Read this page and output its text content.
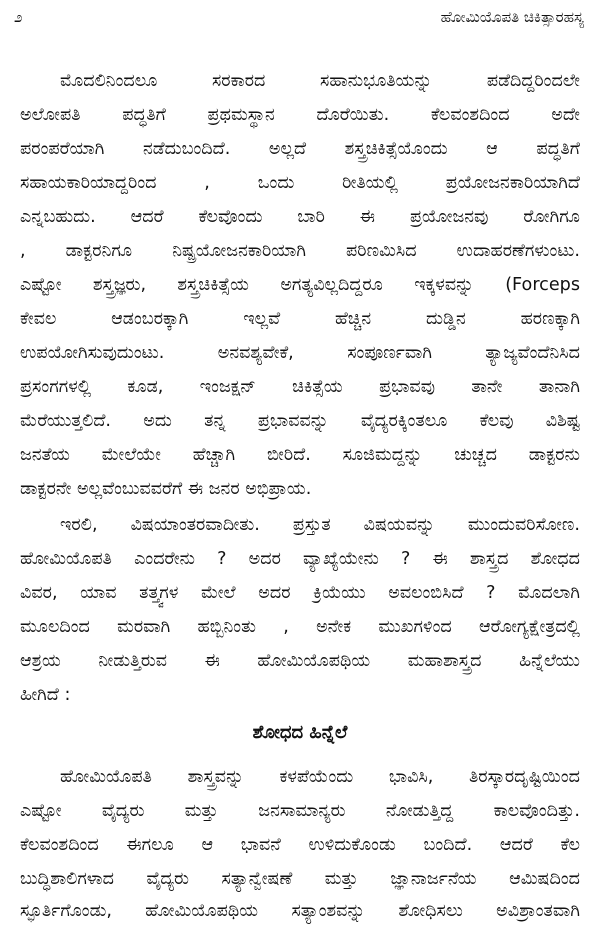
೨	ಹೋಮಿಯೊಪತಿ ಚಿಕಿತ್ಸಾರಹಸ್ಯ
ಮೊದಲಿನಿಂದಲೂ ಸರಕಾರದ ಸಹಾನುಭೂತಿಯನ್ನು ಪಡೆದಿದ್ದರಿಂದಲೇ
ಅಲೋಪತಿ ಪದ್ಧತಿಗೆ ಪ್ರಥಮಸ್ಥಾನ ದೊರೆಯಿತು. ಕೆಲವಂಶದಿಂದ ಅದೇ
ಪರಂಪರೆಯಾಗಿ ನಡೆದುಬಂದಿದೆ. ಅಲ್ಲದೆ ಶಸ್ತ್ರಚಿಕಿತ್ಸೆಯೊಂದು ಆ ಪದ್ಧತಿಗೆ
ಸಹಾಯಕಾರಿಯಾದ್ದರಿಂದ , ಒಂದು ರೀತಿಯಲ್ಲಿ ಪ್ರಯೋಜನಕಾರಿಯಾಗಿದೆ
ಎನ್ನಬಹುದು. ಆದರೆ ಕೆಲವೊಂದು ಬಾರಿ ಈ ಪ್ರಯೋಜನವು ರೋಗಿಗೂ
, ಡಾಕ್ಟರನಿಗೂ ನಿಷ್ಪ್ರಯೋಜನಕಾರಿಯಾಗಿ ಪರಿಣಮಿಸಿದ ಉದಾಹರಣೆಗಳುಂಟು.
ಎಷ್ಟೋ ಶಸ್ತ್ರಜ್ಞರು, ಶಸ್ತ್ರಚಿಕಿತ್ಸೆಯ ಅಗತ್ಯವಿಲ್ಲದಿದ್ದರೂ ಇಕ್ಕಳವನ್ನು (Forceps
ಕೇವಲ ಆಡಂಬರಕ್ಕಾಗಿ ಇಲ್ಲವೆ ಹೆಚ್ಚಿನ ದುಡ್ಡಿನ ಹರಣಕ್ಕಾಗಿ
ಉಪಯೋಗಿಸುವುದುಂಟು. ಅನವಶ್ಯವೇಕೆ, ಸಂಪೂರ್ಣವಾಗಿ ತ್ಯಾಜ್ಯವೆಂದೆನಿಸಿದ
ಪ್ರಸಂಗಗಳಲ್ಲಿ ಕೂಡ, ಇಂಜಕ್ಷನ್ ಚಿಕಿತ್ಸೆಯ ಪ್ರಭಾವವು ತಾನೇ ತಾನಾಗಿ
ಮೆರೆಯುತ್ತಲಿದೆ. ಅದು ತನ್ನ ಪ್ರಭಾವವನ್ನು ವೈದ್ಯರಕ್ಕಿಂತಲೂ ಕೆಲವು ವಿಶಿಷ್ಟ
ಜನತೆಯ ಮೇಲೆಯೇ ಹೆಚ್ಚಾಗಿ ಬೀರಿದೆ. ಸೂಜಿಮದ್ದನ್ನು ಚುಚ್ಚದ ಡಾಕ್ಟರನು
ಡಾಕ್ಟರನೇ ಅಲ್ಲವೆಂಬುವವರೆಗೆ ಈ ಜನರ ಅಭಿಪ್ರಾಯ.
ಇರಲಿ, ವಿಷಯಾಂತರವಾದೀತು. ಪ್ರಸ್ತುತ ವಿಷಯವನ್ನು ಮುಂದುವರಿಸೋಣ.
ಹೋಮಿಯೊಪತಿ ಎಂದರೇನು ? ಅದರ ವ್ಯಾಖ್ಯೆಯೇನು ? ಈ ಶಾಸ್ತ್ರದ ಶೋಧದ
ವಿವರ, ಯಾವ ತತ್ತ್ವಗಳ ಮೇಲೆ ಅದರ ಕ್ರಿಯೆಯು ಅವಲಂಬಿಸಿದೆ ? ಮೊದಲಾಗಿ
ಮೂಲದಿಂದ ಮರವಾಗಿ ಹಬ್ಬಿನಿಂತು , ಅನೇಕ ಮುಖಗಳಿಂದ ಆರೋಗ್ಯಕ್ಷೇತ್ರದಲ್ಲಿ
ಆಶ್ರಯ ನೀಡುತ್ತಿರುವ ಈ ಹೋಮಿಯೊಪಥಿಯ ಮಹಾಶಾಸ್ತ್ರದ ಹಿನ್ನೆಲೆಯು
ಹೀಗಿದೆ :
ಶೋಧದ ಹಿನ್ನೆಲೆ
ಹೋಮಿಯೊಪತಿ ಶಾಸ್ತ್ರವನ್ನು ಕಳಪೆಯೆಂದು ಭಾವಿಸಿ, ತಿರಸ್ಕಾರದೃಷ್ಟಿಯಿಂದ
ಎಷ್ಟೋ ವೈದ್ಯರು ಮತ್ತು ಜನಸಾಮಾನ್ಯರು ನೋಡುತ್ತಿದ್ದ ಕಾಲವೊಂದಿತ್ತು.
ಕೆಲವಂಶದಿಂದ ಈಗಲೂ ಆ ಭಾವನೆ ಉಳಿದುಕೊಂಡು ಬಂದಿದೆ. ಆದರೆ ಕೆಲ
ಬುದ್ಧಿಶಾಲಿಗಳಾದ ವೈದ್ಯರು ಸತ್ಯಾನ್ವೇಷಣೆ ಮತ್ತು ಜ್ಞಾನಾರ್ಜನೆಯ ಆಮಿಷದಿಂದ
ಸ್ಫೂರ್ತಿಗೊಂಡು, ಹೋಮಿಯೊಪಥಿಯ ಸತ್ಯಾಂಶವನ್ನು ಶೋಧಿಸಲು ಅವಿಶ್ರಾಂತವಾಗಿ
